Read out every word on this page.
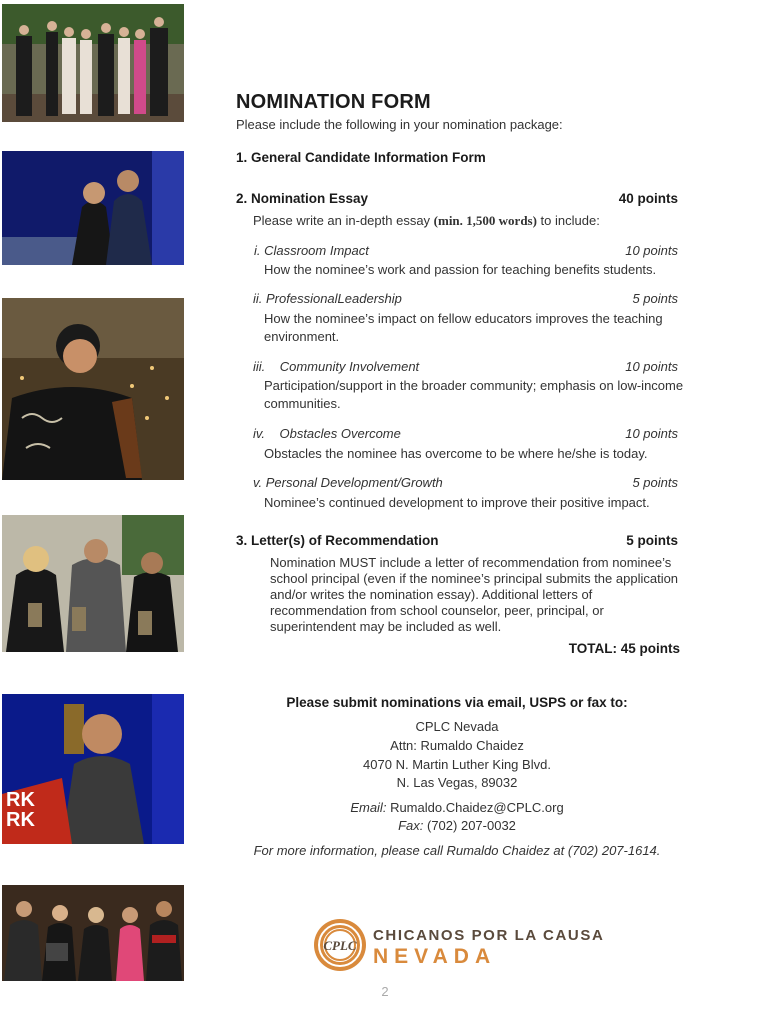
RK
RK
NOMINATION FORM
Please include the following in your nomination package:
1. General Candidate Information Form
2. Nomination Essay	40 points
Please write an in-depth essay (min. 1,500 words) to include:
i. Classroom Impact	10 points
How the nominee’s work and passion for teaching benefits students.
ii. ProfessionalLeadership	5 points
How the nominee’s impact on fellow educators improves the teaching environment.
iii.    Community Involvement	10 points
Participation/support in the broader community; emphasis on low-income communities.
iv.    Obstacles Overcome	10 points
Obstacles the nominee has overcome to be where he/she is today.
v. Personal Development/Growth	5 points
Nominee’s continued development to improve their positive impact.
3. Letter(s) of Recommendation	5 points
Nomination MUST include a letter of recommendation from nominee’s school principal (even if the nominee’s principal submits the application and/or writes the nomination essay). Additional letters of recommendation from school counselor, peer, principal, or superintendent may be included as well.
TOTAL: 45 points
Please submit nominations via email, USPS or fax to:
CPLC Nevada
Attn: Rumaldo Chaidez
4070 N. Martin Luther King Blvd.
N. Las Vegas, 89032
Email: Rumaldo.Chaidez@CPLC.org
Fax: (702) 207-0032
For more information, please call Rumaldo Chaidez at (702) 207-1614.
CPLC
CHICANOS POR LA CAUSA
NEVADA
2
